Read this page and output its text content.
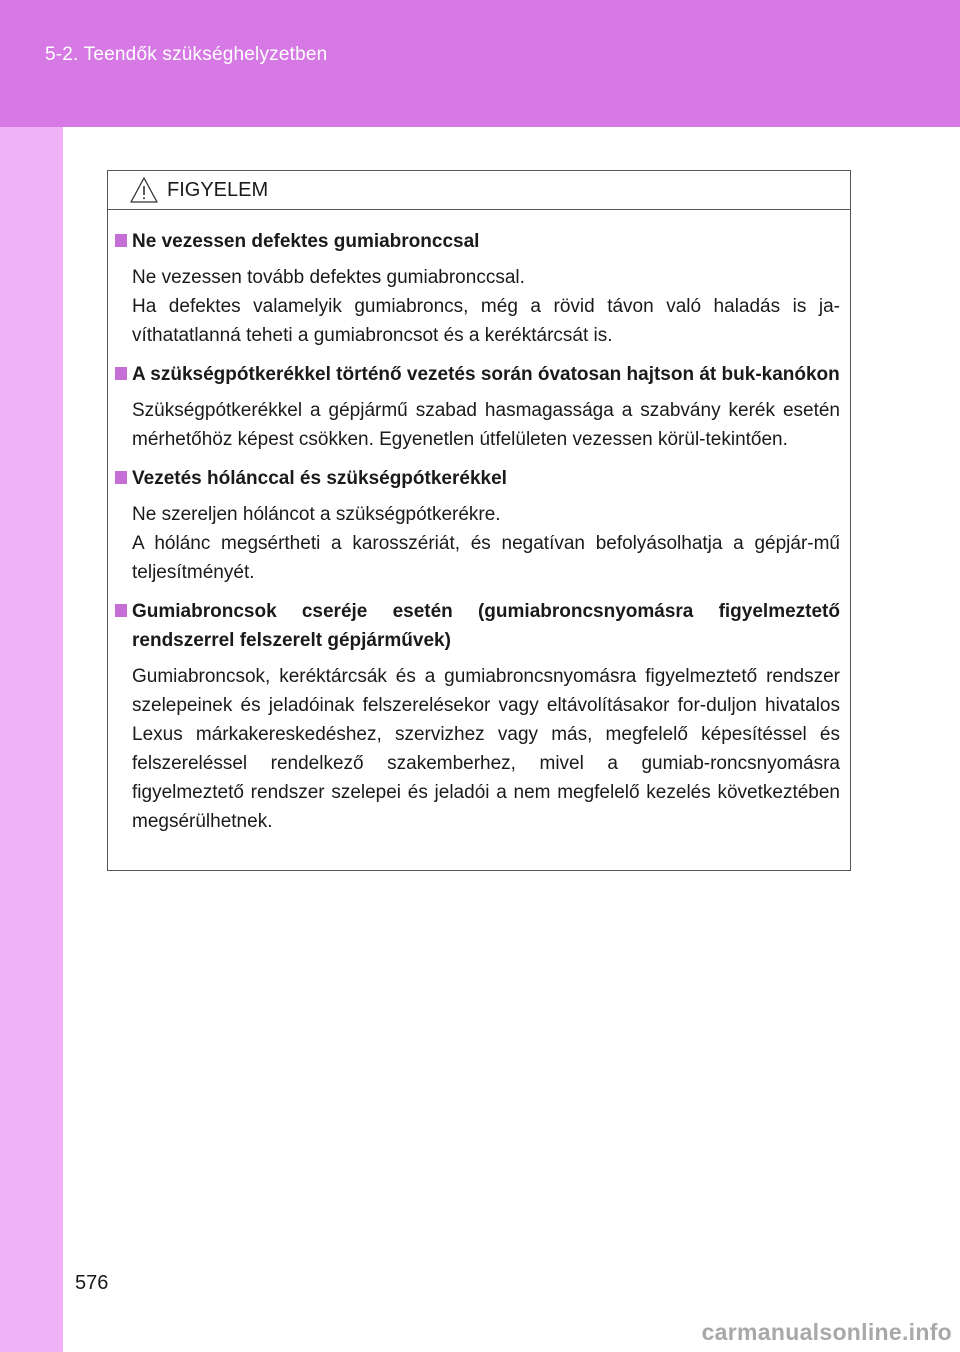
5-2. Teendők szükséghelyzetben
FIGYELEM
Ne vezessen defektes gumiabronccsal

Ne vezessen tovább defektes gumiabronccsal.

Ha defektes valamelyik gumiabroncs, még a rövid távon való haladás is ja-víthatatlanná teheti a gumiabroncsot és a keréktárcsát is.

A szükségpótkerékkel történő vezetés során óvatosan hajtson át buk-kanókon

Szükségpótkerékkel a gépjármű szabad hasmagassága a szabvány kerék esetén mérhetőhöz képest csökken. Egyenetlen útfelületen vezessen körül-tekintően.

Vezetés hólánccal és szükségpótkerékkel

Ne szereljen hóláncot a szükségpótkerékre.

A hólánc megsértheti a karosszériát, és negatívan befolyásolhatja a gépjár-mű teljesítményét.

Gumiabroncsok cseréje esetén (gumiabroncsnyomásra figyelmeztető rendszerrel felszerelt gépjárművek)

Gumiabroncsok, keréktárcsák és a gumiabroncsnyomásra figyelmeztető rendszer szelepeinek és jeladóinak felszerelésekor vagy eltávolításakor for-duljon hivatalos Lexus márkakereskedéshez, szervizhez vagy más, megfelelő képesítéssel és felszereléssel rendelkező szakemberhez, mivel a gumiab-roncsnyomásra figyelmeztető rendszer szelepei és jeladói a nem megfelelő kezelés következtében megsérülhetnek.

576
carmanualsonline.info
